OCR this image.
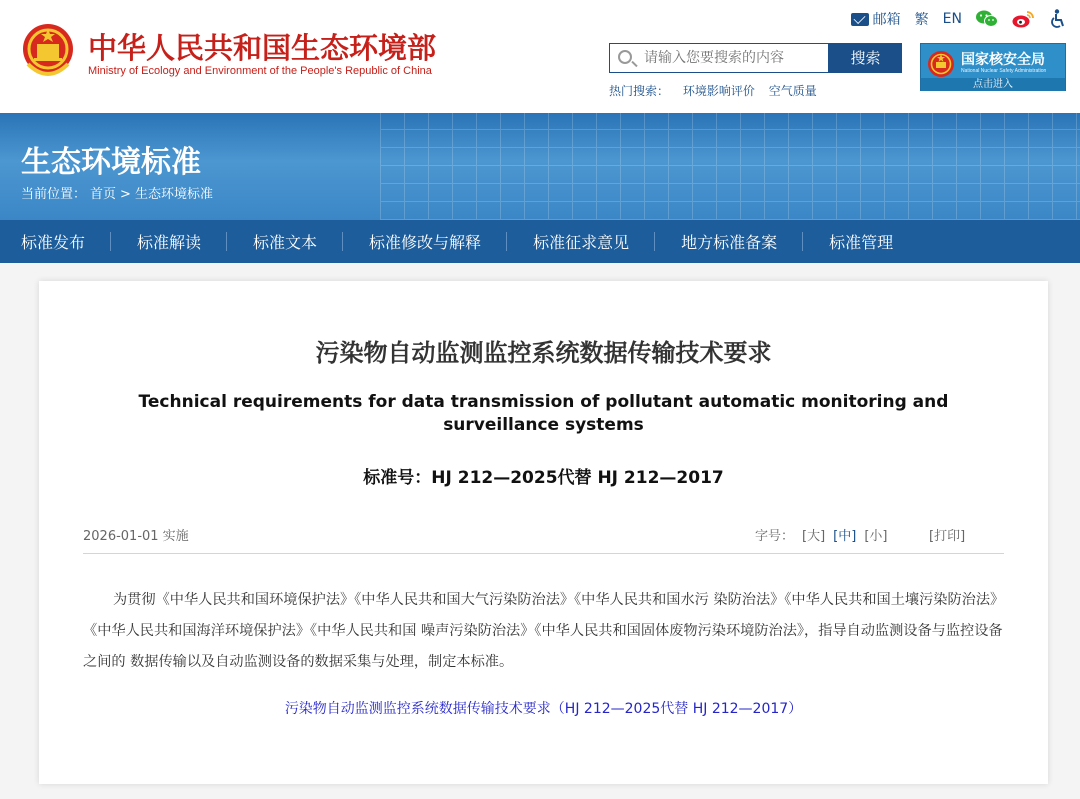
中华人民共和国生态环境部
Ministry of Ecology and Environment of the People's Republic of China
邮箱 繁 EN
请输入您要搜索的内容
搜索
热门搜索： 环境影响评价 空气质量
国家核安全局
National Nuclear Safety Administration
点击进入
生态环境标准
当前位置： 首页 > 生态环境标准
标准发布	标准解读	标准文本	标准修改与解释	标准征求意见	地方标准备案	标准管理
污染物自动监测监控系统数据传输技术要求
Technical requirements for data transmission of pollutant automatic monitoring and surveillance systems
标准号：HJ 212—2025代替 HJ 212—2017
2026-01-01 实施	字号： [大] [中] [小]	[打印]

为贯彻《中华人民共和国环境保护法》《中华人民共和国大气污染防治法》《中华人民共和国水污 染防治法》《中华人民共和国土壤污染防治法》《中华人民共和国海洋环境保护法》《中华人民共和国 噪声污染防治法》《中华人民共和国固体废物污染环境防治法》，指导自动监测设备与监控设备之间的 数据传输以及自动监测设备的数据采集与处理，制定本标准。

污染物自动监测监控系统数据传输技术要求（HJ 212—2025代替 HJ 212—2017）
